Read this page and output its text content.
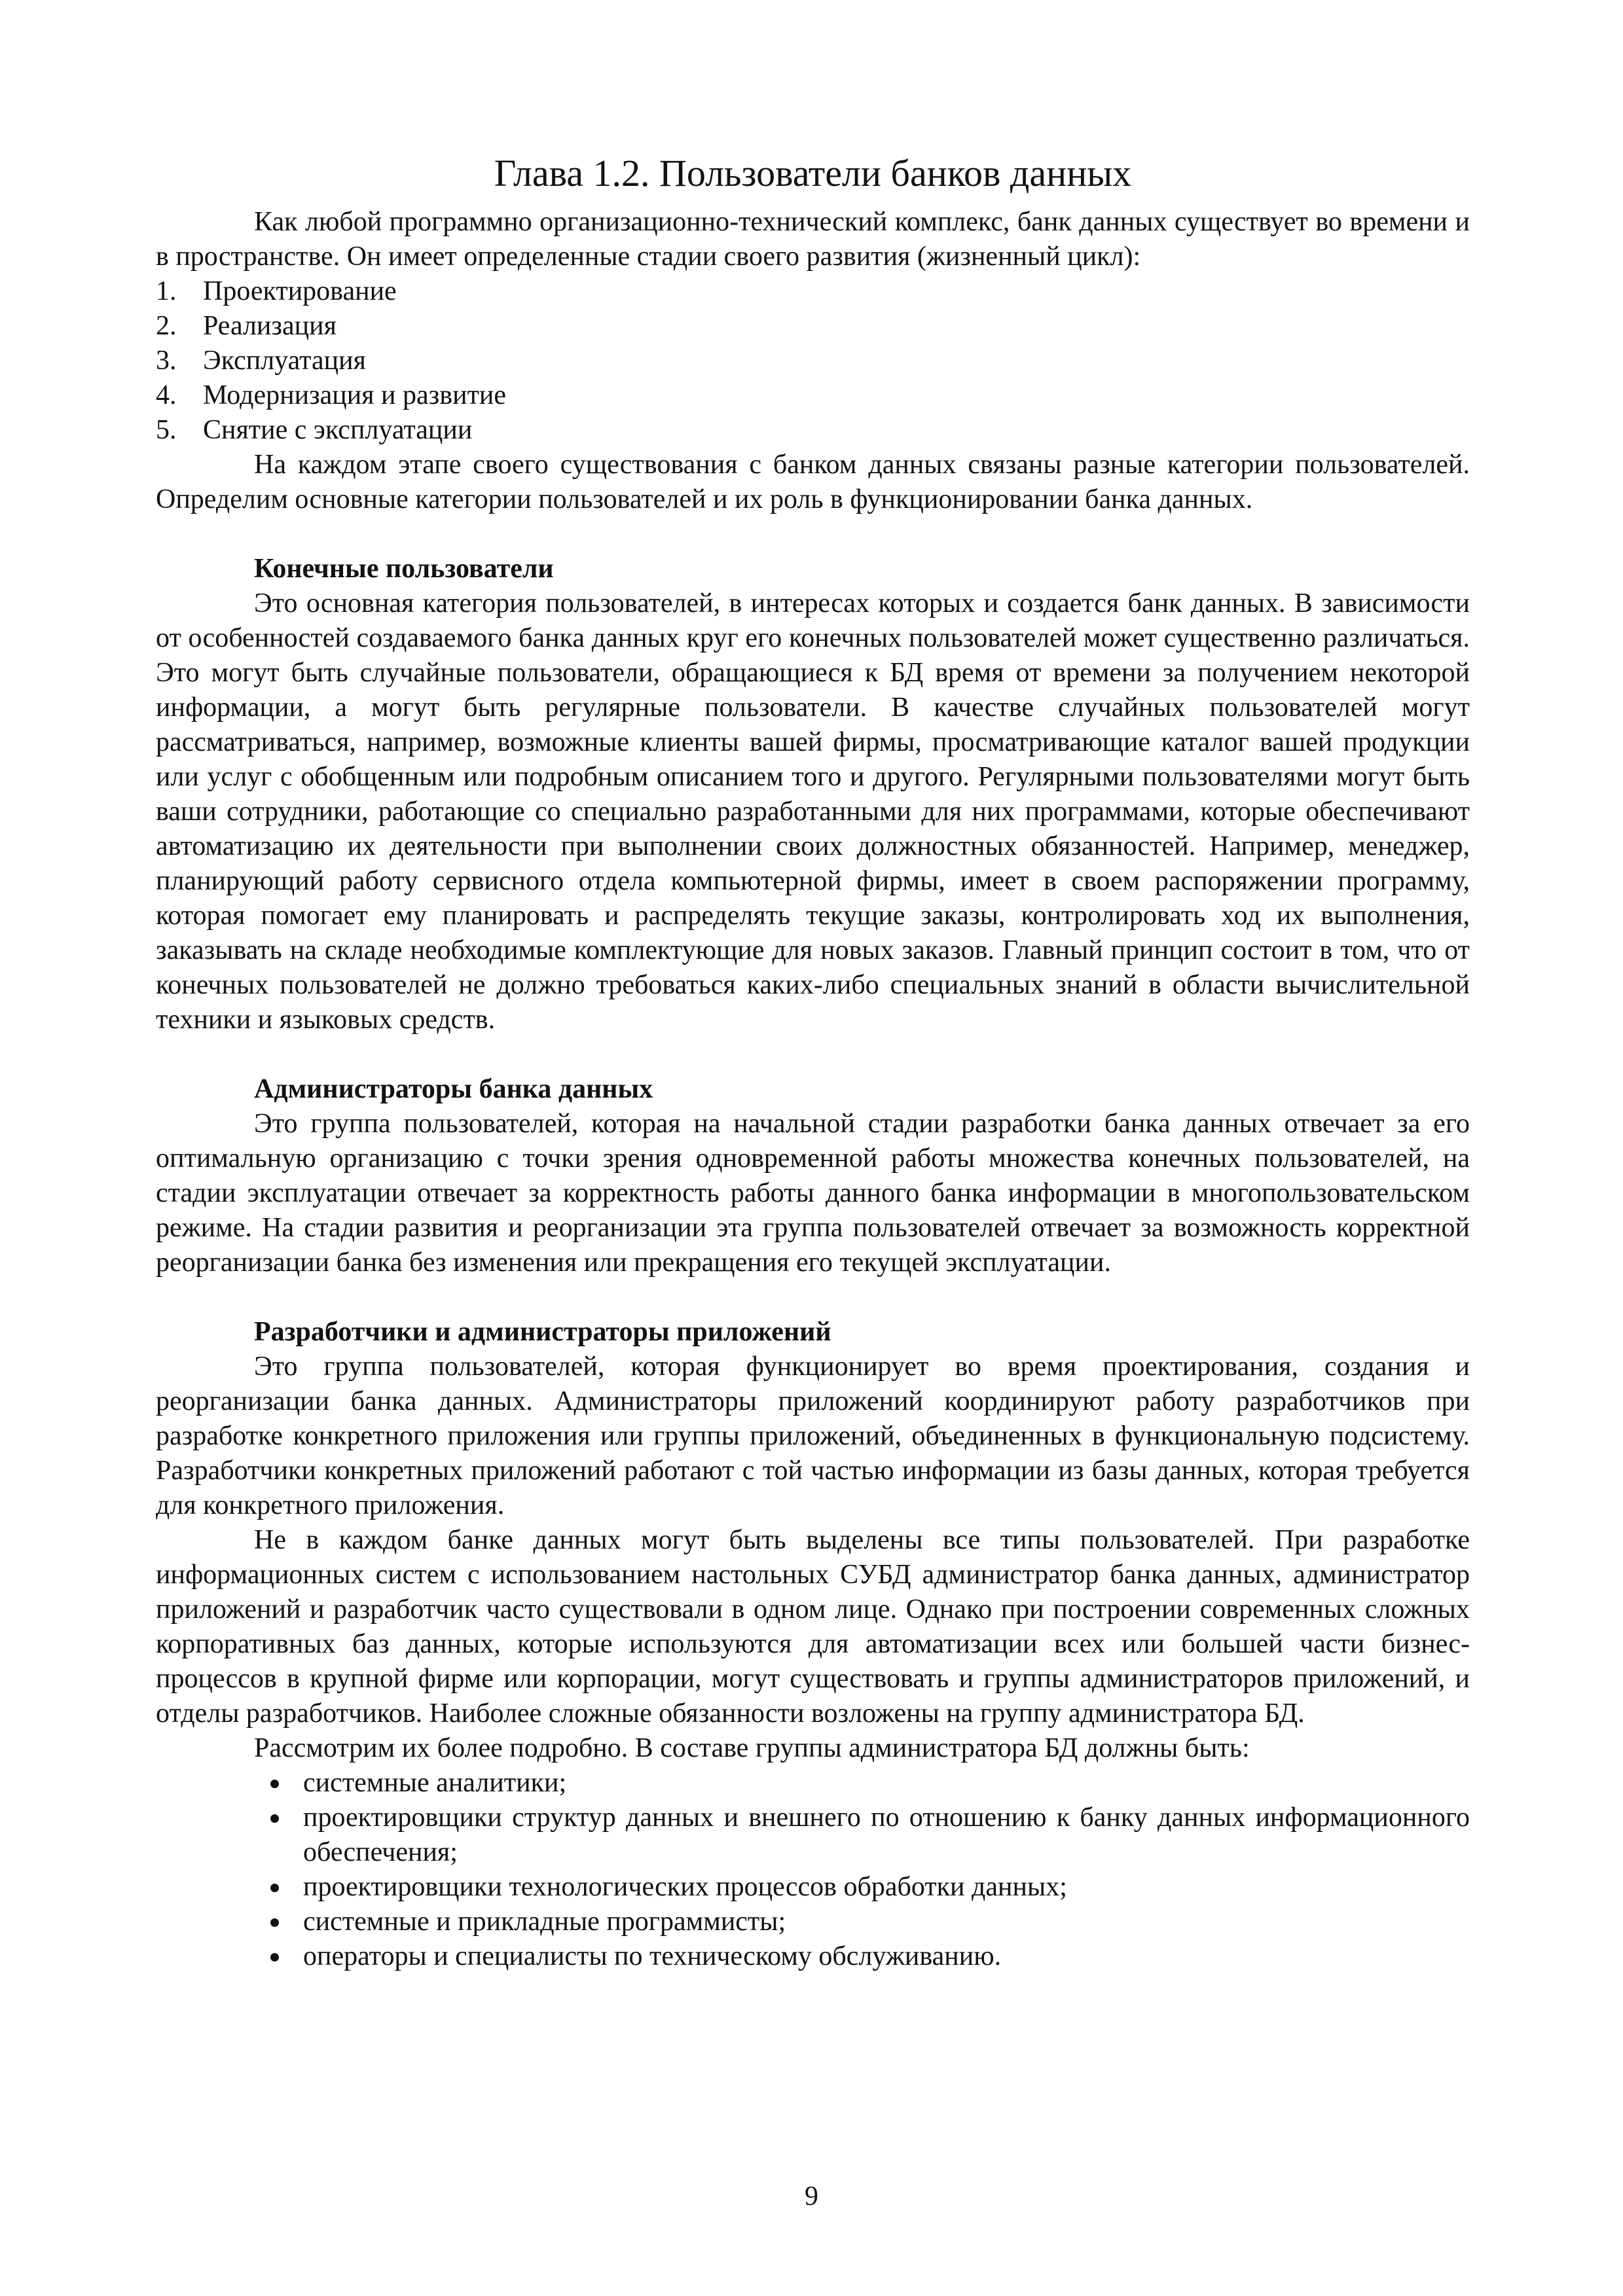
Глава 1.2. Пользователи банков данных

Как любой программно организационно-технический комплекс, банк данных существует во времени и в пространстве. Он имеет определенные стадии своего развития (жизненный цикл):

1. Проектирование
2. Реализация
3. Эксплуатация
4. Модернизация и развитие
5. Снятие с эксплуатации

На каждом этапе своего существования с банком данных связаны разные категории пользователей. Определим основные категории пользователей и их роль в функционировании банка данных.

Конечные пользователи

Это основная категория пользователей, в интересах которых и создается банк данных. В зависимости от особенностей создаваемого банка данных круг его конечных пользователей может существенно различаться. Это могут быть случайные пользователи, обращающиеся к БД время от времени за получением некоторой информации, а могут быть регулярные пользователи. В качестве случайных пользователей могут рассматриваться, например, возможные клиенты вашей фирмы, просматривающие каталог вашей продукции или услуг с обобщенным или подробным описанием того и другого. Регулярными пользователями могут быть ваши сотрудники, работающие со специально разработанными для них программами, которые обеспечивают автоматизацию их деятельности при выполнении своих должностных обязанностей. Например, менеджер, планирующий работу сервисного отдела компьютерной фирмы, имеет в своем распоряжении программу, которая помогает ему планировать и распределять текущие заказы, контролировать ход их выполнения, заказывать на складе необходимые комплектующие для новых заказов. Главный принцип состоит в том, что от конечных пользователей не должно требоваться каких-либо специальных знаний в области вычислительной техники и языковых средств.

Администраторы банка данных

Это группа пользователей, которая на начальной стадии разработки банка данных отвечает за его оптимальную организацию с точки зрения одновременной работы множества конечных пользователей, на стадии эксплуатации отвечает за корректность работы данного банка информации в многопользовательском режиме. На стадии развития и реорганизации эта группа пользователей отвечает за возможность корректной реорганизации банка без изменения или прекращения его текущей эксплуатации.

Разработчики и администраторы приложений

Это группа пользователей, которая функционирует во время проектирования, создания и реорганизации банка данных. Администраторы приложений координируют работу разработчиков при разработке конкретного приложения или группы приложений, объединенных в функциональную подсистему. Разработчики конкретных приложений работают с той частью информации из базы данных, которая требуется для конкретного приложения.

Не в каждом банке данных могут быть выделены все типы пользователей. При разработке информационных систем с использованием настольных СУБД администратор банка данных, администратор приложений и разработчик часто существовали в одном лице. Однако при построении современных сложных корпоративных баз данных, которые используются для автоматизации всех или большей части бизнес-процессов в крупной фирме или корпорации, могут существовать и группы администраторов приложений, и отделы разработчиков. Наиболее сложные обязанности возложены на группу администратора БД.

Рассмотрим их более подробно. В составе группы администратора БД должны быть:

системные аналитики;
проектировщики структур данных и внешнего по отношению к банку данных информационного обеспечения;
проектировщики технологических процессов обработки данных;
системные и прикладные программисты;
операторы и специалисты по техническому обслуживанию.
9
